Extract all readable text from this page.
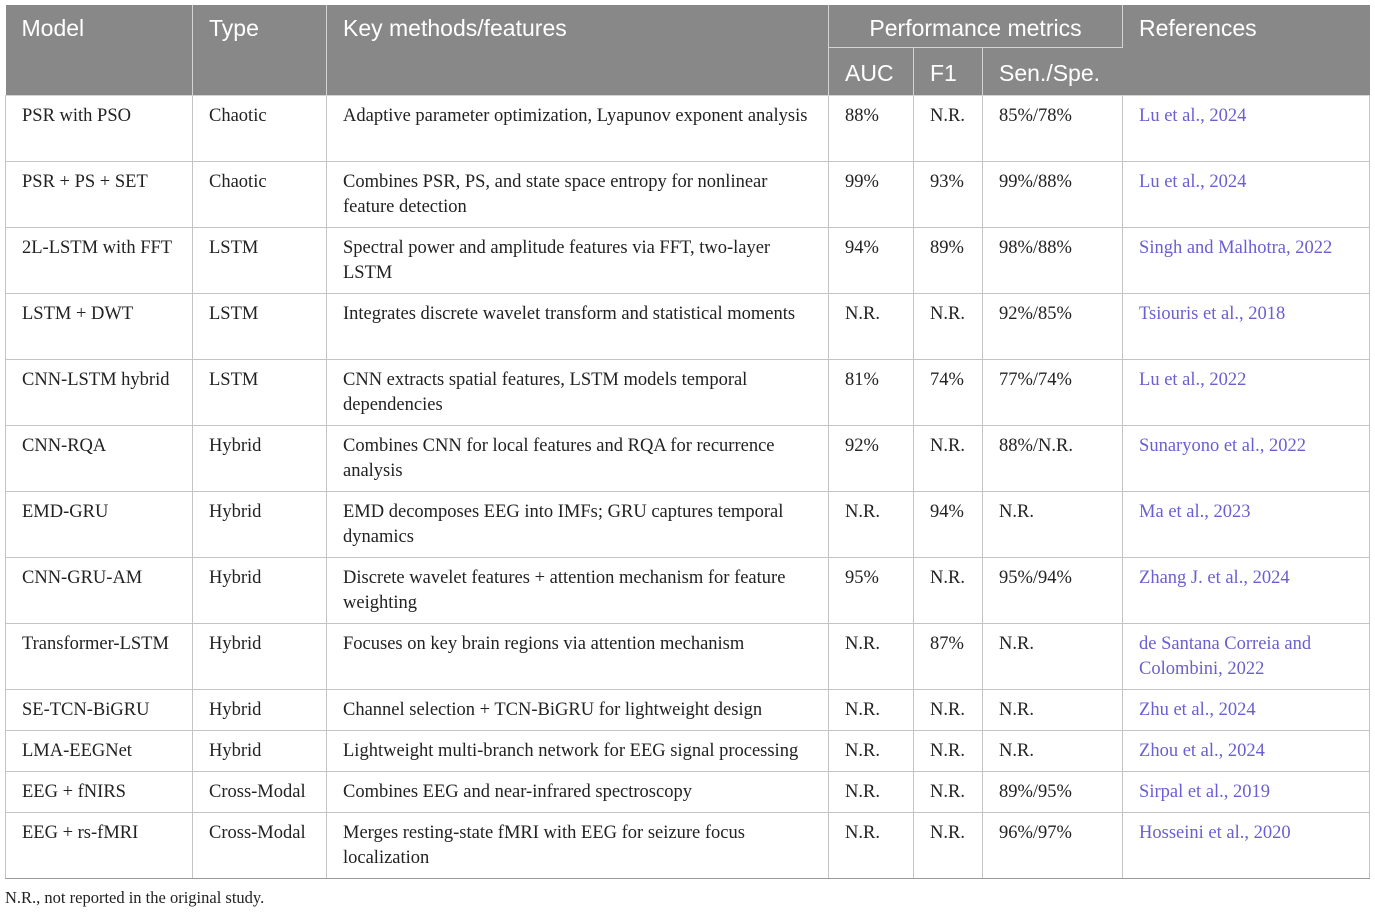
Model	Type	Key methods/features	Performance metrics			References
			AUC	F1	Sen./Spe.	
PSR with PSO	Chaotic	Adaptive parameter optimization, Lyapunov exponent analysis	88%	N.R.	85%/78%	Lu et al., 2024
PSR + PS + SET	Chaotic	Combines PSR, PS, and state space entropy for nonlinear feature detection	99%	93%	99%/88%	Lu et al., 2024
2L-LSTM with FFT	LSTM	Spectral power and amplitude features via FFT, two-layer LSTM	94%	89%	98%/88%	Singh and Malhotra, 2022
LSTM + DWT	LSTM	Integrates discrete wavelet transform and statistical moments	N.R.	N.R.	92%/85%	Tsiouris et al., 2018
CNN-LSTM hybrid	LSTM	CNN extracts spatial features, LSTM models temporal dependencies	81%	74%	77%/74%	Lu et al., 2022
CNN-RQA	Hybrid	Combines CNN for local features and RQA for recurrence analysis	92%	N.R.	88%/N.R.	Sunaryono et al., 2022
EMD-GRU	Hybrid	EMD decomposes EEG into IMFs; GRU captures temporal dynamics	N.R.	94%	N.R.	Ma et al., 2023
CNN-GRU-AM	Hybrid	Discrete wavelet features + attention mechanism for feature weighting	95%	N.R.	95%/94%	Zhang J. et al., 2024
Transformer-LSTM	Hybrid	Focuses on key brain regions via attention mechanism	N.R.	87%	N.R.	de Santana Correia and Colombini, 2022
SE-TCN-BiGRU	Hybrid	Channel selection + TCN-BiGRU for lightweight design	N.R.	N.R.	N.R.	Zhu et al., 2024
LMA-EEGNet	Hybrid	Lightweight multi-branch network for EEG signal processing	N.R.	N.R.	N.R.	Zhou et al., 2024
EEG + fNIRS	Cross-Modal	Combines EEG and near-infrared spectroscopy	N.R.	N.R.	89%/95%	Sirpal et al., 2019
EEG + rs-fMRI	Cross-Modal	Merges resting-state fMRI with EEG for seizure focus localization	N.R.	N.R.	96%/97%	Hosseini et al., 2020
N.R., not reported in the original study.
